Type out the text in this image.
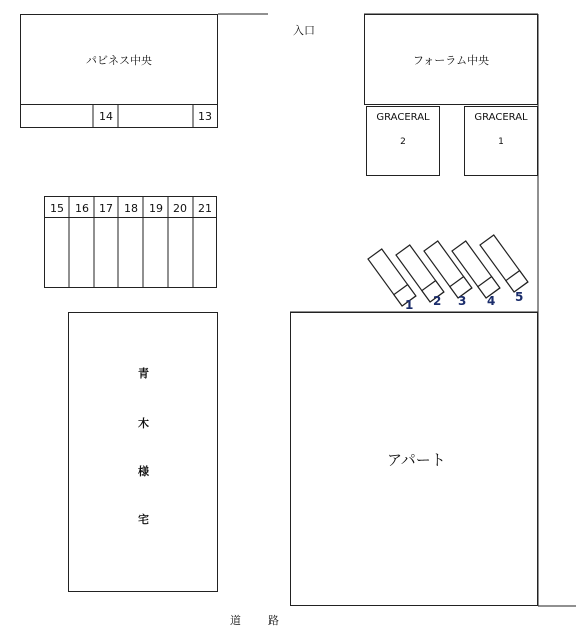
入口
パビネス中央
14	13
フォーラム中央
GRACERAL
2
GRACERAL
1
15	16 17	18	19 20	21
青
木
様
宅
アパート
1 2 3 4 5
道 路
